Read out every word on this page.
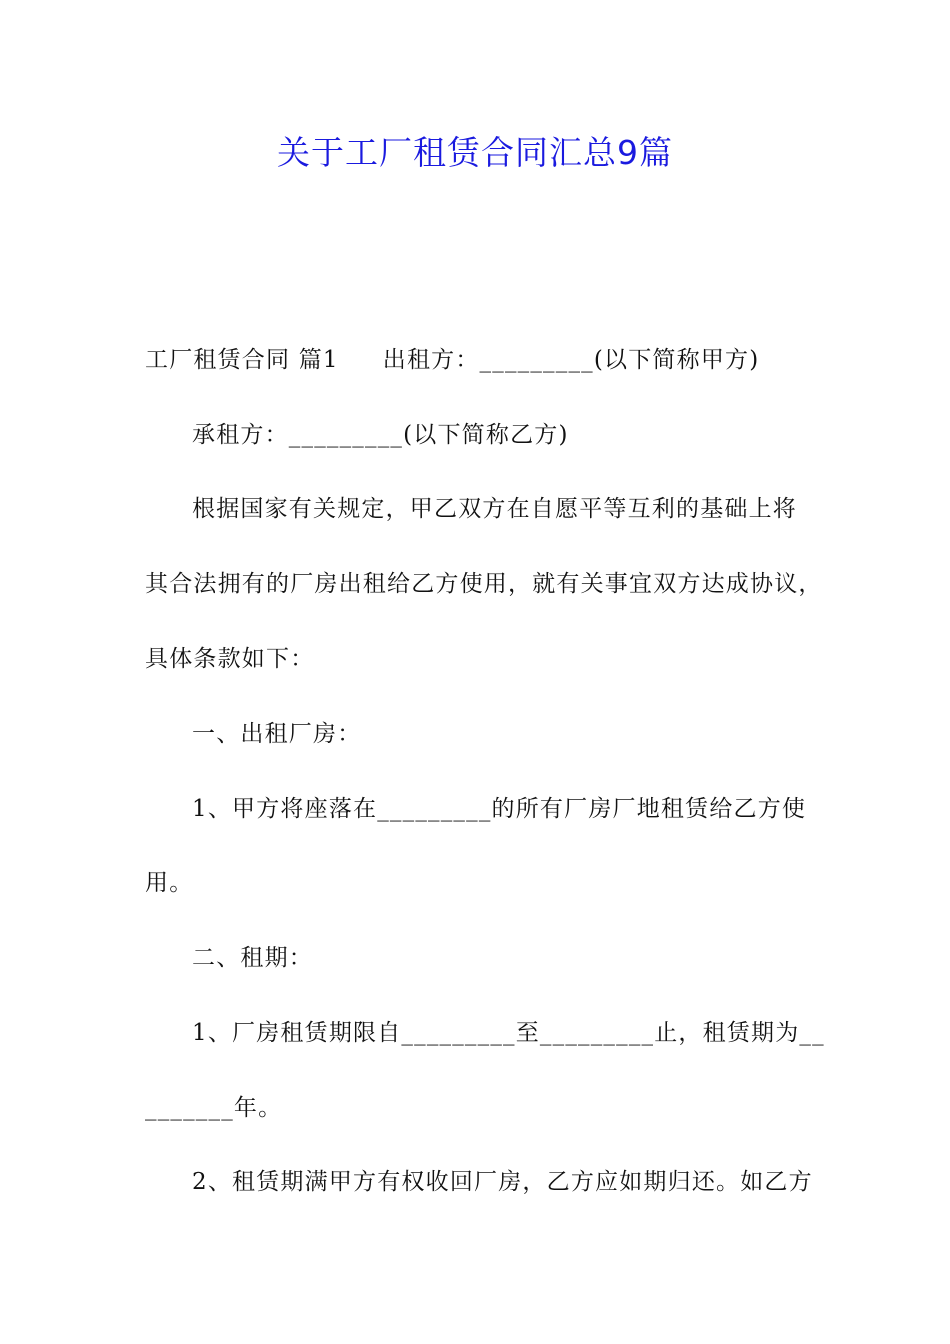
关于工厂租赁合同汇总9篇
工厂租赁合同 篇1 出租方：_________(以下简称甲方)
承租方：_________(以下简称乙方)
根据国家有关规定，甲乙双方在自愿平等互利的基础上将
其合法拥有的厂房出租给乙方使用，就有关事宜双方达成协议，
具体条款如下：
一、出租厂房：
1、甲方将座落在_________的所有厂房厂地租赁给乙方使
用。
二、租期：
1、厂房租赁期限自_________至_________止，租赁期为__
_______年。
2、租赁期满甲方有权收回厂房，乙方应如期归还。如乙方
